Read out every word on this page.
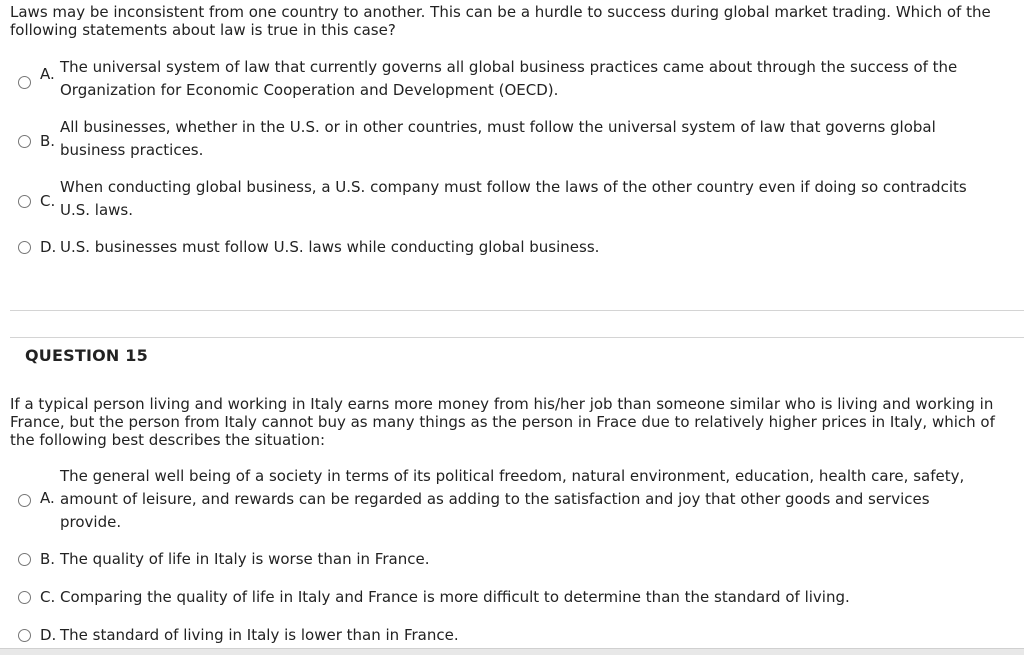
Laws may be inconsistent from one country to another. This can be a hurdle to success during global market trading. Which of the following statements about law is true in this case?
A. The universal system of law that currently governs all global business practices came about through the success of the Organization for Economic Cooperation and Development (OECD).
B.
All businesses, whether in the U.S. or in other countries, must follow the universal system of law that governs global business practices.
C.
When conducting global business, a U.S. company must follow the laws of the other country even if doing so contradcits U.S. laws.
D. U.S. businesses must follow U.S. laws while conducting global business.
QUESTION 15
If a typical person living and working in Italy earns more money from his/her job than someone similar who is living and working in France, but the person from Italy cannot buy as many things as the person in Frace due to relatively higher prices in Italy, which of the following best describes the situation:
A.
The general well being of a society in terms of its political freedom, natural environment, education, health care, safety, amount of leisure, and rewards can be regarded as adding to the satisfaction and joy that other goods and services provide.
B. The quality of life in Italy is worse than in France.
C. Comparing the quality of life in Italy and France is more difficult to determine than the standard of living.
D. The standard of living in Italy is lower than in France.
